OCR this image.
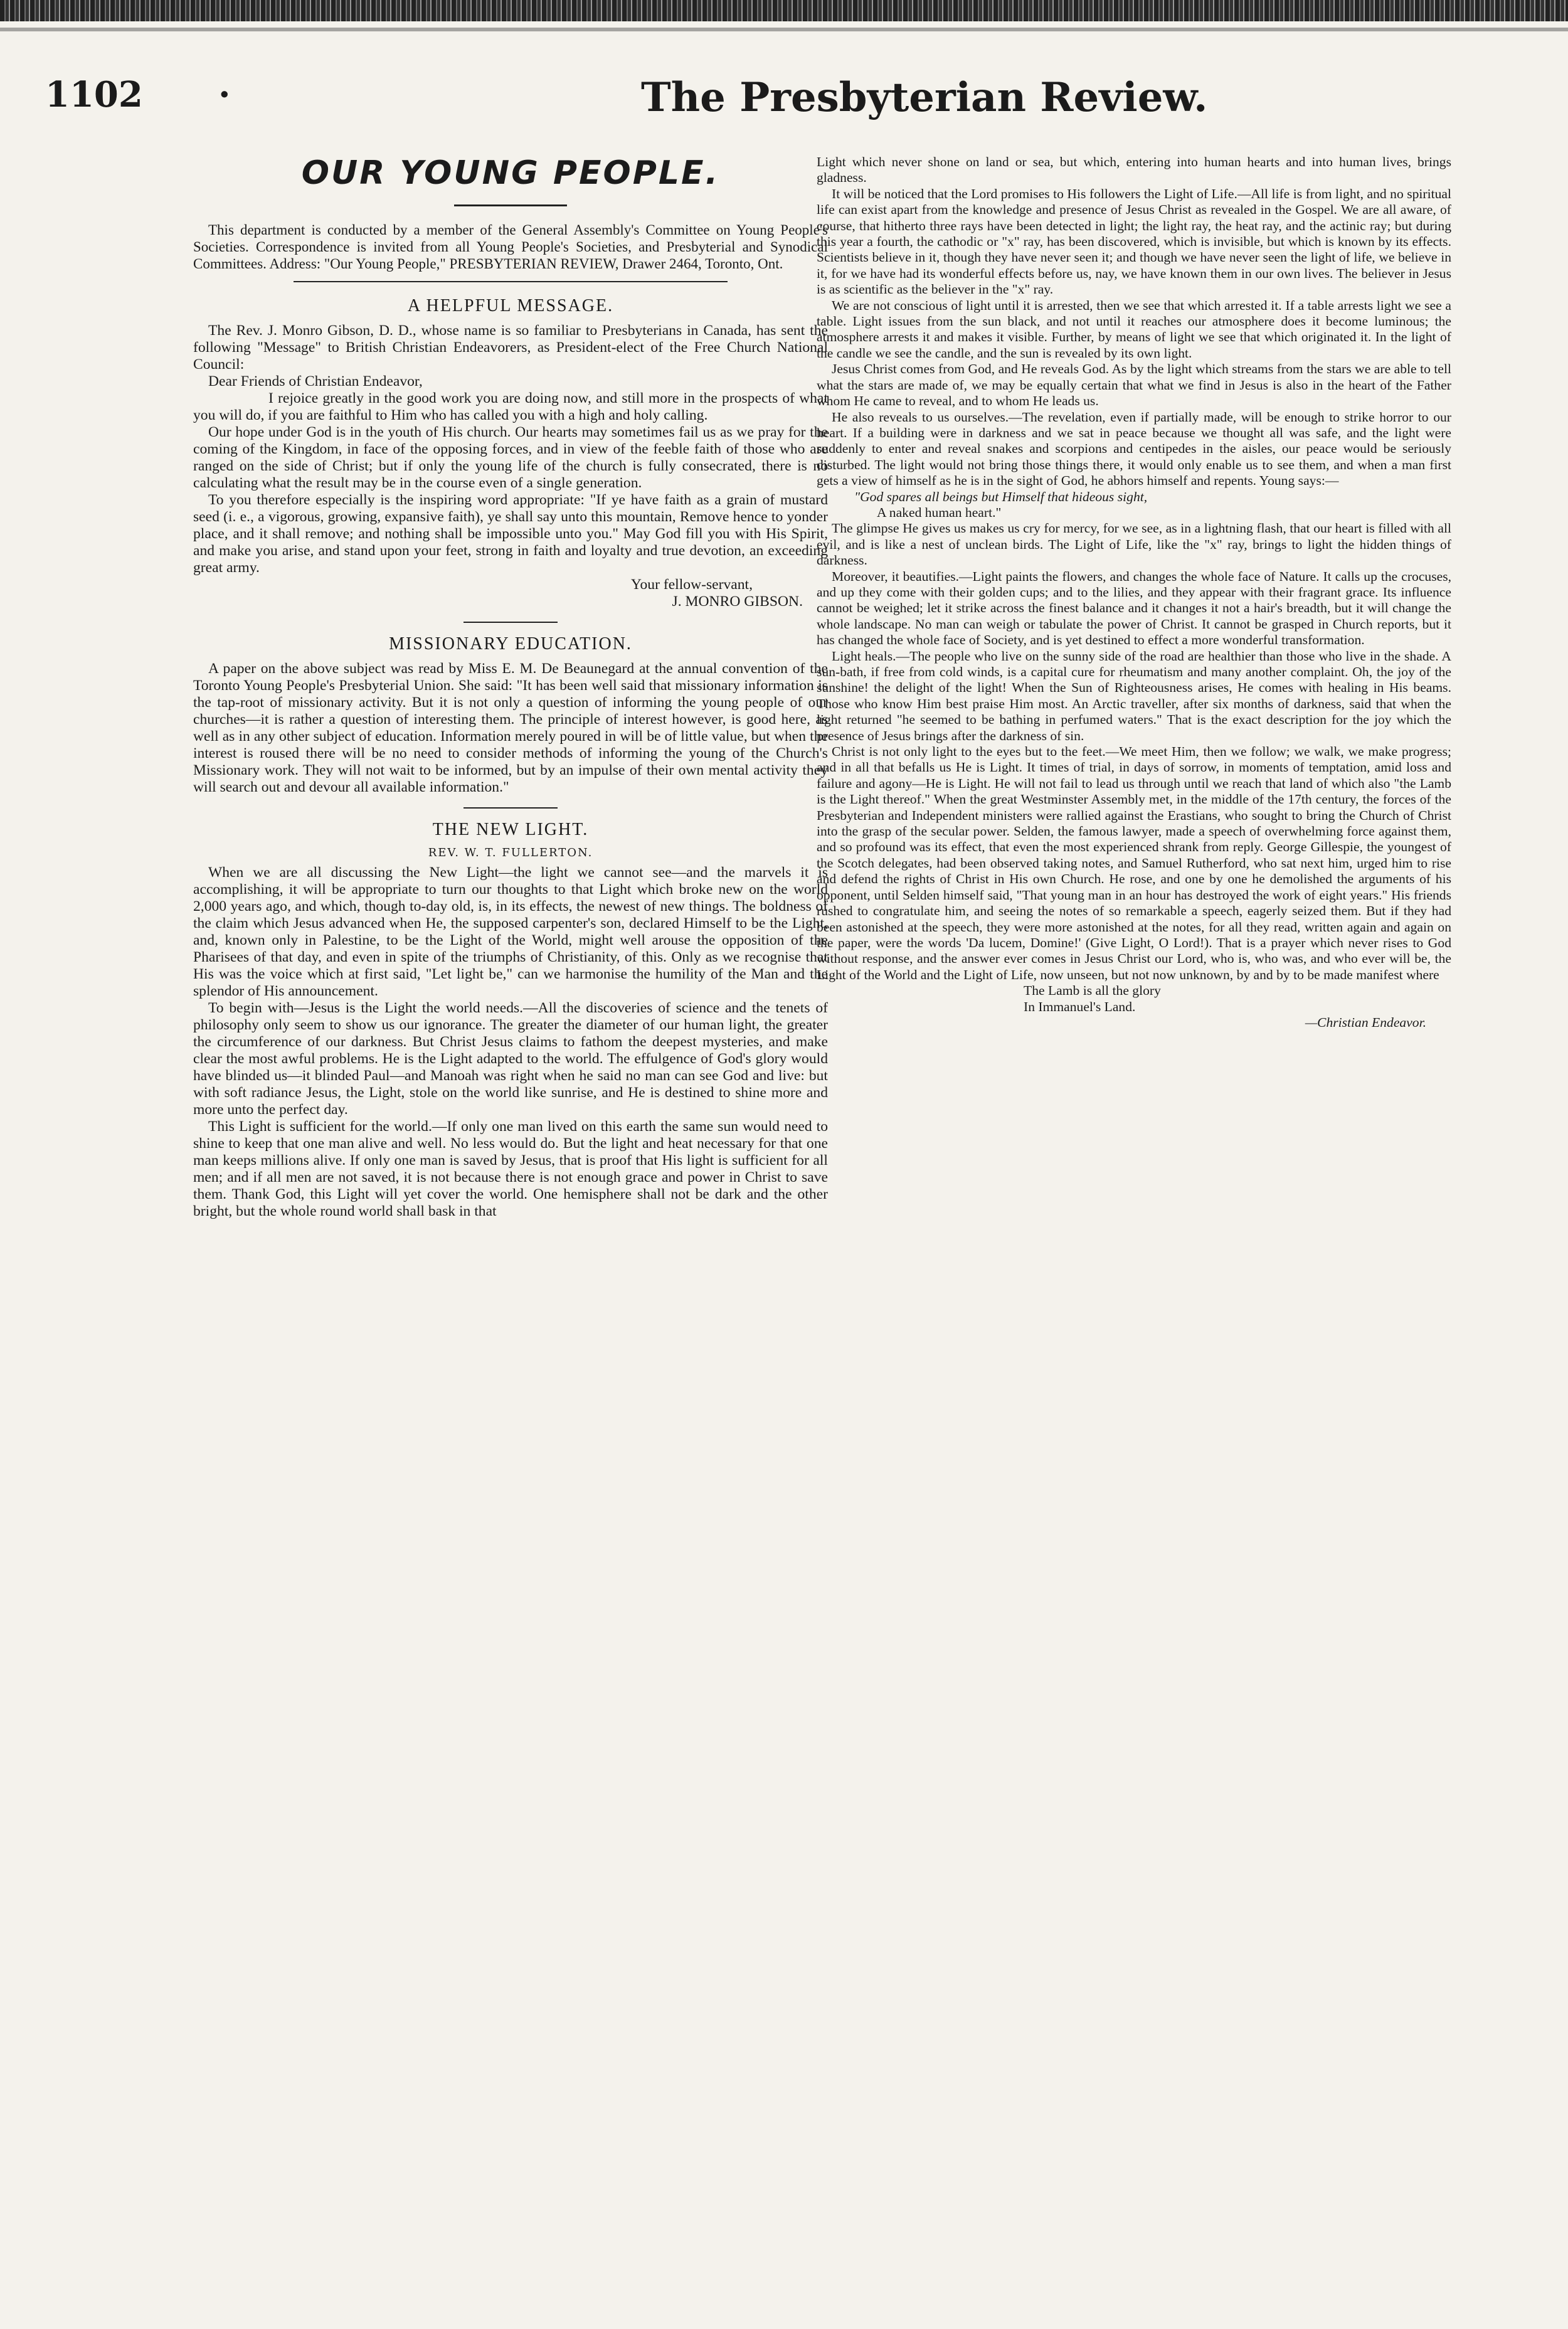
1102 ·	The Presbyterian Review.
OUR YOUNG PEOPLE.

This department is conducted by a member of the General Assembly's Committee on Young People's Societies. Correspondence is invited from all Young People's Societies, and Presbyterial and Synodical Committees. Address: "Our Young People," PRESBYTERIAN REVIEW, Drawer 2464, Toronto, Ont.

A HELPFUL MESSAGE.

The Rev. J. Monro Gibson, D. D., whose name is so familiar to Presbyterians in Canada, has sent the following "Message" to British Christian Endeavorers, as President-elect of the Free Church National Council:

Dear Friends of Christian Endeavor,

I rejoice greatly in the good work you are doing now, and still more in the prospects of what you will do, if you are faithful to Him who has called you with a high and holy calling.

Our hope under God is in the youth of His church. Our hearts may sometimes fail us as we pray for the coming of the Kingdom, in face of the opposing forces, and in view of the feeble faith of those who are ranged on the side of Christ; but if only the young life of the church is fully consecrated, there is no calculating what the result may be in the course even of a single generation.

To you therefore especially is the inspiring word appropriate: "If ye have faith as a grain of mustard seed (i. e., a vigorous, growing, expansive faith), ye shall say unto this mountain, Remove hence to yonder place, and it shall remove; and nothing shall be impossible unto you." May God fill you with His Spirit, and make you arise, and stand upon your feet, strong in faith and loyalty and true devotion, an exceeding great army.

Your fellow-servant,

J. MONRO GIBSON.

MISSIONARY EDUCATION.

A paper on the above subject was read by Miss E. M. De Beaunegard at the annual convention of the Toronto Young People's Presbyterial Union. She said: "It has been well said that missionary information is the tap-root of missionary activity. But it is not only a question of informing the young people of our churches—it is rather a question of interesting them. The principle of interest however, is good here, as well as in any other subject of education. Information merely poured in will be of little value, but when the interest is roused there will be no need to consider methods of informing the young of the Church's Missionary work. They will not wait to be informed, but by an impulse of their own mental activity they will search out and devour all available information."

THE NEW LIGHT.
REV. W. T. FULLERTON.

When we are all discussing the New Light—the light we cannot see—and the marvels it is accomplishing, it will be appropriate to turn our thoughts to that Light which broke new on the world 2,000 years ago, and which, though to-day old, is, in its effects, the newest of new things. The boldness of the claim which Jesus advanced when He, the supposed carpenter's son, declared Himself to be the Light, and, known only in Palestine, to be the Light of the World, might well arouse the opposition of the Pharisees of that day, and even in spite of the triumphs of Christianity, of this. Only as we recognise that His was the voice which at first said, "Let light be," can we harmonise the humility of the Man and the splendor of His announcement.

To begin with—Jesus is the Light the world needs.—All the discoveries of science and the tenets of philosophy only seem to show us our ignorance. The greater the diameter of our human light, the greater the circumference of our darkness. But Christ Jesus claims to fathom the deepest mysteries, and make clear the most awful problems. He is the Light adapted to the world. The effulgence of God's glory would have blinded us—it blinded Paul—and Manoah was right when he said no man can see God and live: but with soft radiance Jesus, the Light, stole on the world like sunrise, and He is destined to shine more and more unto the perfect day.

This Light is sufficient for the world.—If only one man lived on this earth the same sun would need to shine to keep that one man alive and well. No less would do. But the light and heat necessary for that one man keeps millions alive. If only one man is saved by Jesus, that is proof that His light is sufficient for all men; and if all men are not saved, it is not because there is not enough grace and power in Christ to save them. Thank God, this Light will yet cover the world. One hemisphere shall not be dark and the other bright, but the whole round world shall bask in that

Light which never shone on land or sea, but which, entering into human hearts and into human lives, brings gladness.

It will be noticed that the Lord promises to His followers the Light of Life.—All life is from light, and no spiritual life can exist apart from the knowledge and presence of Jesus Christ as revealed in the Gospel. We are all aware, of course, that hitherto three rays have been detected in light; the light ray, the heat ray, and the actinic ray; but during this year a fourth, the cathodic or "x" ray, has been discovered, which is invisible, but which is known by its effects. Scientists believe in it, though they have never seen it; and though we have never seen the light of life, we believe in it, for we have had its wonderful effects before us, nay, we have known them in our own lives. The believer in Jesus is as scientific as the believer in the "x" ray.

We are not conscious of light until it is arrested, then we see that which arrested it. If a table arrests light we see a table. Light issues from the sun black, and not until it reaches our atmosphere does it become luminous; the atmosphere arrests it and makes it visible. Further, by means of light we see that which originated it. In the light of the candle we see the candle, and the sun is revealed by its own light.

Jesus Christ comes from God, and He reveals God. As by the light which streams from the stars we are able to tell what the stars are made of, we may be equally certain that what we find in Jesus is also in the heart of the Father whom He came to reveal, and to whom He leads us.

He also reveals to us ourselves.—The revelation, even if partially made, will be enough to strike horror to our heart. If a building were in darkness and we sat in peace because we thought all was safe, and the light were suddenly to enter and reveal snakes and scorpions and centipedes in the aisles, our peace would be seriously disturbed. The light would not bring those things there, it would only enable us to see them, and when a man first gets a view of himself as he is in the sight of God, he abhors himself and repents. Young says:—

"God spares all beings but Himself that hideous sight,

A naked human heart."

The glimpse He gives us makes us cry for mercy, for we see, as in a lightning flash, that our heart is filled with all evil, and is like a nest of unclean birds. The Light of Life, like the "x" ray, brings to light the hidden things of darkness.

Moreover, it beautifies.—Light paints the flowers, and changes the whole face of Nature. It calls up the crocuses, and up they come with their golden cups; and to the lilies, and they appear with their fragrant grace. Its influence cannot be weighed; let it strike across the finest balance and it changes it not a hair's breadth, but it will change the whole landscape. No man can weigh or tabulate the power of Christ. It cannot be grasped in Church reports, but it has changed the whole face of Society, and is yet destined to effect a more wonderful transformation.

Light heals.—The people who live on the sunny side of the road are healthier than those who live in the shade. A sun-bath, if free from cold winds, is a capital cure for rheumatism and many another complaint. Oh, the joy of the sunshine! the delight of the light! When the Sun of Righteousness arises, He comes with healing in His beams. Those who know Him best praise Him most. An Arctic traveller, after six months of darkness, said that when the light returned "he seemed to be bathing in perfumed waters." That is the exact description for the joy which the presence of Jesus brings after the darkness of sin.

Christ is not only light to the eyes but to the feet.—We meet Him, then we follow; we walk, we make progress; and in all that befalls us He is Light. It times of trial, in days of sorrow, in moments of temptation, amid loss and failure and agony—He is Light. He will not fail to lead us through until we reach that land of which also "the Lamb is the Light thereof." When the great Westminster Assembly met, in the middle of the 17th century, the forces of the Presbyterian and Independent ministers were rallied against the Erastians, who sought to bring the Church of Christ into the grasp of the secular power. Selden, the famous lawyer, made a speech of overwhelming force against them, and so profound was its effect, that even the most experienced shrank from reply. George Gillespie, the youngest of the Scotch delegates, had been observed taking notes, and Samuel Rutherford, who sat next him, urged him to rise and defend the rights of Christ in His own Church. He rose, and one by one he demolished the arguments of his opponent, until Selden himself said, "That young man in an hour has destroyed the work of eight years." His friends rushed to congratulate him, and seeing the notes of so remarkable a speech, eagerly seized them. But if they had been astonished at the speech, they were more astonished at the notes, for all they read, written again and again on the paper, were the words 'Da lucem, Domine!' (Give Light, O Lord!). That is a prayer which never rises to God without response, and the answer ever comes in Jesus Christ our Lord, who is, who was, and who ever will be, the Light of the World and the Light of Life, now unseen, but not now unknown, by and by to be made manifest where

The Lamb is all the glory

In Immanuel's Land.

—Christian Endeavor.
